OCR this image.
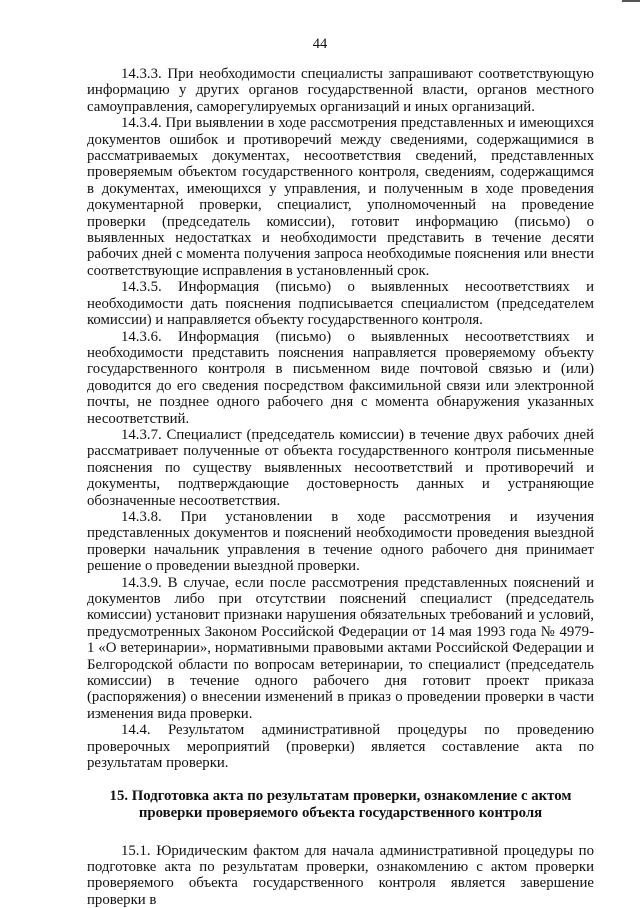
44

14.3.3. При необходимости специалисты запрашивают соответствующую информацию у других органов государственной власти, органов местного самоуправления, саморегулируемых организаций и иных организаций.

14.3.4. При выявлении в ходе рассмотрения представленных и имеющихся документов ошибок и противоречий между сведениями, содержащимися в рассматриваемых документах, несоответствия сведений, представленных проверяемым объектом государственного контроля, сведениям, содержащимся в документах, имеющихся у управления, и полученным в ходе проведения документарной проверки, специалист, уполномоченный на проведение проверки (председатель комиссии), готовит информацию (письмо) о выявленных недостатках и необходимости представить в течение десяти рабочих дней с момента получения запроса необходимые пояснения или внести соответствующие исправления в установленный срок.

14.3.5. Информация (письмо) о выявленных несоответствиях и необходимости дать пояснения подписывается специалистом (председателем комиссии) и направляется объекту государственного контроля.

14.3.6. Информация (письмо) о выявленных несоответствиях и необходимости представить пояснения направляется проверяемому объекту государственного контроля в письменном виде почтовой связью и (или) доводится до его сведения посредством факсимильной связи или электронной почты, не позднее одного рабочего дня с момента обнаружения указанных несоответствий.

14.3.7. Специалист (председатель комиссии) в течение двух рабочих дней рассматривает полученные от объекта государственного контроля письменные пояснения по существу выявленных несоответствий и противоречий и документы, подтверждающие достоверность данных и устраняющие обозначенные несоответствия.

14.3.8. При установлении в ходе рассмотрения и изучения представленных документов и пояснений необходимости проведения выездной проверки начальник управления в течение одного рабочего дня принимает решение о проведении выездной проверки.

14.3.9. В случае, если после рассмотрения представленных пояснений и документов либо при отсутствии пояснений специалист (председатель комиссии) установит признаки нарушения обязательных требований и условий, предусмотренных Законом Российской Федерации от 14 мая 1993 года № 4979-1 «О ветеринарии», нормативными правовыми актами Российской Федерации и Белгородской области по вопросам ветеринарии, то специалист (председатель комиссии) в течение одного рабочего дня готовит проект приказа (распоряжения) о внесении изменений в приказ о проведении проверки в части изменения вида проверки.

14.4. Результатом административной процедуры по проведению проверочных мероприятий (проверки) является составление акта по результатам проверки.

15. Подготовка акта по результатам проверки, ознакомление с актом проверки проверяемого объекта государственного контроля

15.1. Юридическим фактом для начала административной процедуры по подготовке акта по результатам проверки, ознакомлению с актом проверки проверяемого объекта государственного контроля является завершение проверки в
